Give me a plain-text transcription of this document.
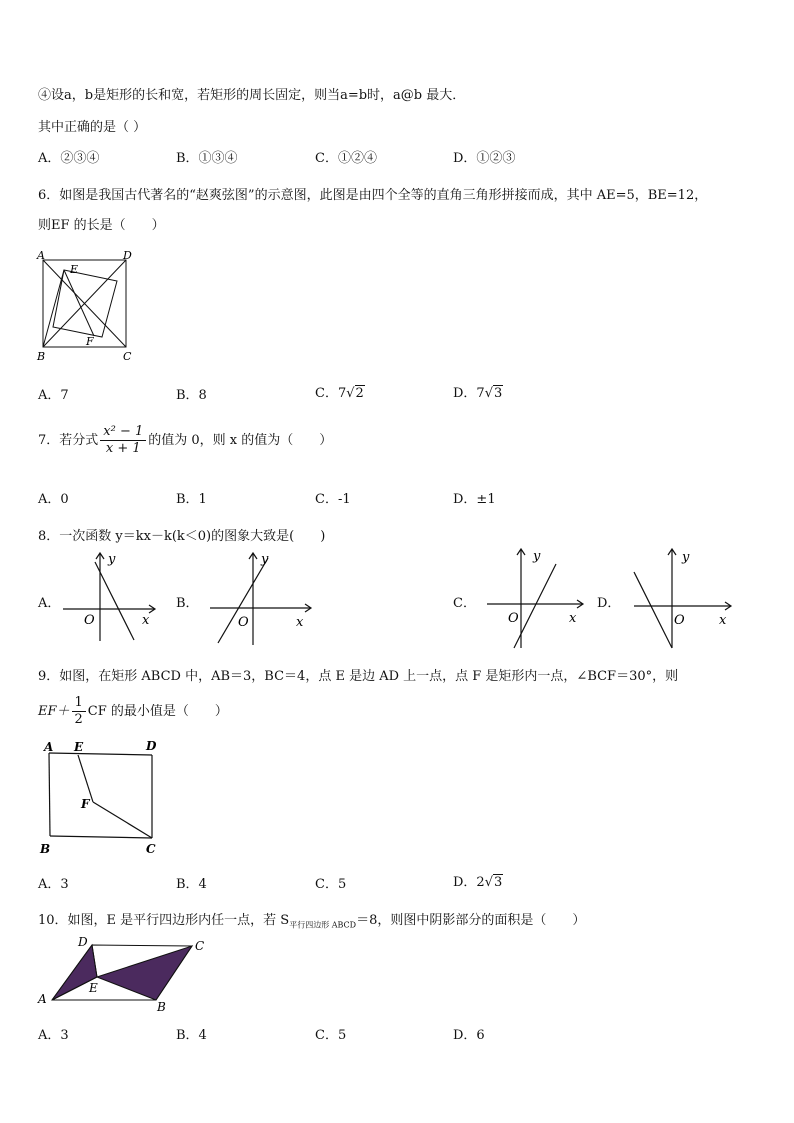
④设a，b是矩形的长和宽，若矩形的周长固定，则当a=b时，a@b 最大．
其中正确的是（ ）
A．②③④	B．①③④	C．①②④	D．①②③
6．如图是我国古代著名的“赵爽弦图”的示意图，此图是由四个全等的直角三角形拼接而成，其中 AE=5，BE=12，
则EF 的长是（　　）
A	D
E
B
F
C
A．7	B．8	C．7√2	D．7√3
7．若分式 $\frac{\text{x² − 1}}{x + 1}$ 的值为 0，则 x 的值为（　　）
A．0	B．1	C．-1	D．±1
8．一次函数 y＝kx－k(k＜0)的图象大致是(　　)
A．
y
x
O
B．
y
x
O
C．
y
x
O
D．
y
x
O
9．如图，在矩形 ABCD 中，AB＝3，BC＝4，点 E 是边 AD 上一点，点 F 是矩形内一点，∠BCF＝30°，则
$EF+ \frac{1}{2}$ CF 的最小值是（　　）
A E	D
F
B	C
A．3	B．4	C．5	D．2√3
10．如图，E 是平行四边形内任一点，若 $S_{平行四边形 ABCD}=8$，则图中阴影部分的面积是（　　）
D	C
E
A
B
A．3	B．4	C．5	D．6
